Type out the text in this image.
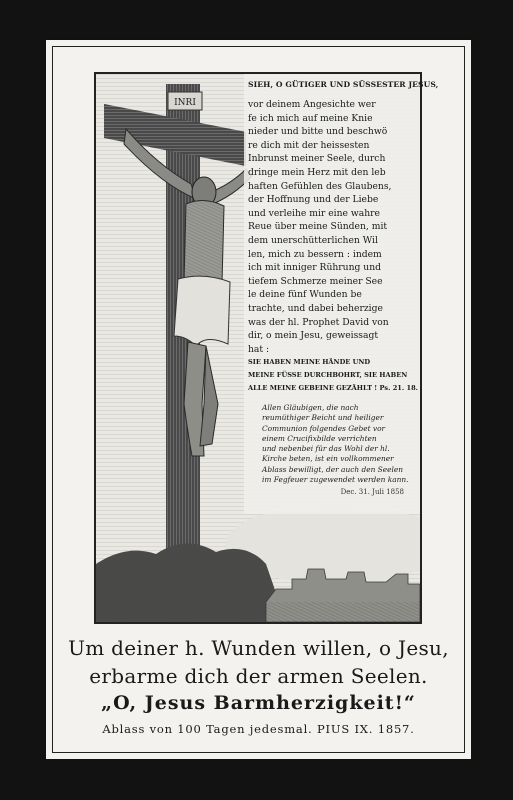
INRI
SIEH, O GÜTIGER UND SÜSSESTER JESUS,
vor deinem Angesichte wer
fe ich mich auf meine Knie
nieder und bitte und beschwö
re dich mit der heissesten
Inbrunst meiner Seele, durch
dringe mein Herz mit den leb
haften Gefühlen des Glaubens,
der Hoffnung und der Liebe
und verleihe mir eine wahre
Reue über meine Sünden, mit
dem unerschütterlichen Wil
len, mich zu bessern : indem
ich mit inniger Rührung und
tiefem Schmerze meiner See
le deine fünf Wunden be
trachte, und dabei beherzige
was der hl. Prophet David von
dir, o mein Jesu, geweissagt
hat :
SIE HABEN MEINE HÄNDE UND
MEINE FÜSSE DURCHBOHRT, SIE HABEN
ALLE MEINE GEBEINE GEZÄHLT ! Ps. 21. 18.
Allen Gläubigen, die nach
reumüthiger Beicht und heiliger
Communion folgendes Gebet vor
einem Crucifixbilde verrichten
und nebenbei für das Wohl der hl.
Kirche beten, ist ein vollkommener
Ablass bewilligt, der auch den Seelen
im Fegfeuer zugewendet werden kann.
Dec. 31. Juli 1858
Um deiner h. Wunden willen, o Jesu,
erbarme dich der armen Seelen.
„O, Jesus Barmherzigkeit!“
Ablass von 100 Tagen jedesmal. PIUS IX. 1857.
